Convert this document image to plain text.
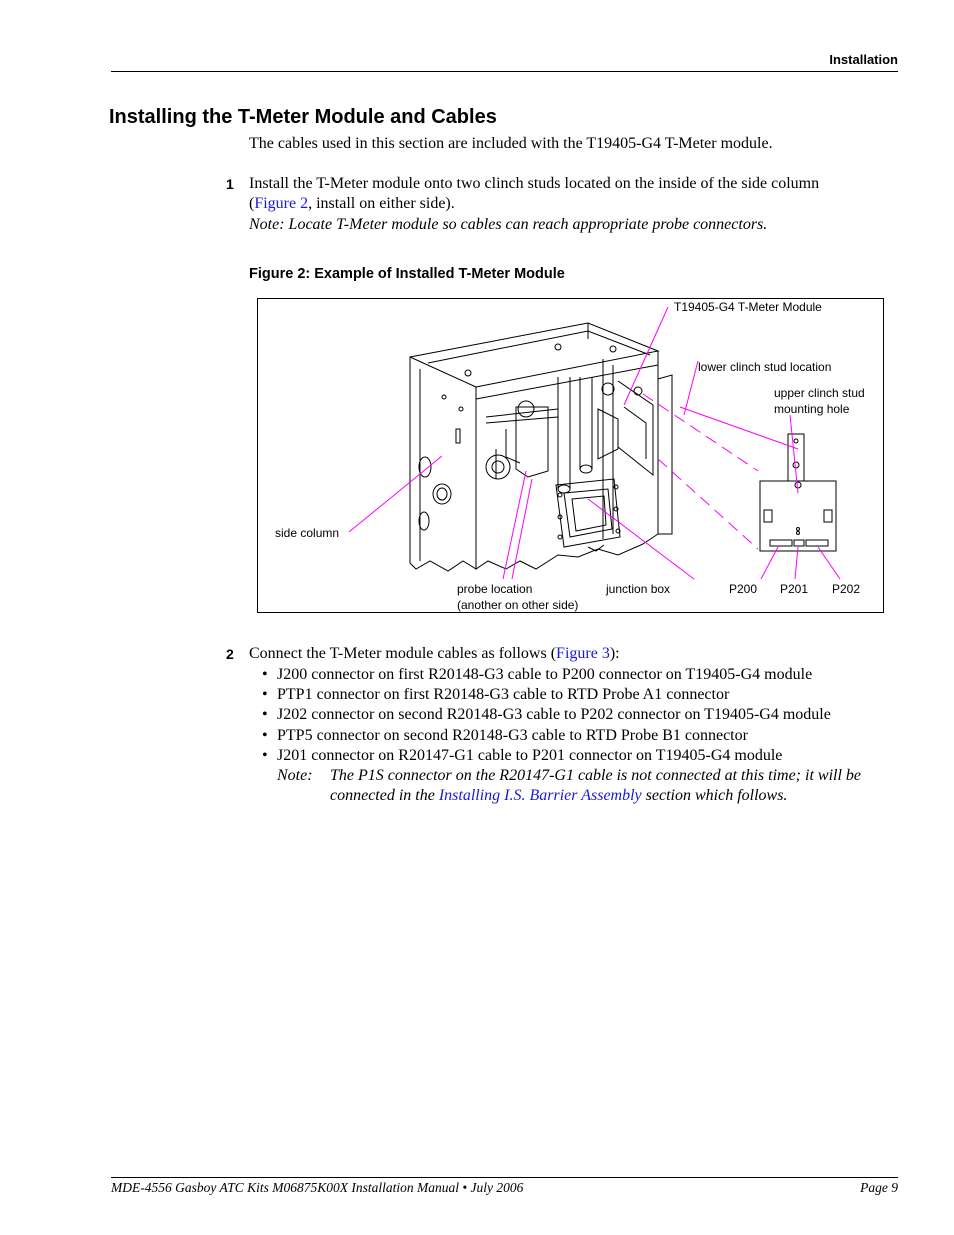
Installation
Installing the T-Meter Module and Cables
The cables used in this section are included with the T19405-G4 T-Meter module.
1 Install the T-Meter module onto two clinch studs located on the inside of the side column
(Figure 2, install on either side).
Note: Locate T-Meter module so cables can reach appropriate probe connectors.
Figure 2: Example of Installed T-Meter Module
T19405-G4 T-Meter Module
lower clinch stud location
upper clinch stud
mounting hole
side column
probe location
(another on other side)
junction box	P200 P201 P202
2 Connect the T-Meter module cables as follows (Figure 3):
• J200 connector on first R20148-G3 cable to P200 connector on T19405-G4 module
• PTP1 connector on first R20148-G3 cable to RTD Probe A1 connector
• J202 connector on second R20148-G3 cable to P202 connector on T19405-G4 module
• PTP5 connector on second R20148-G3 cable to RTD Probe B1 connector
• J201 connector on R20147-G1 cable to P201 connector on T19405-G4 module
Note: The P1S connector on the R20147-G1 cable is not connected at this time; it will be
connected in the Installing I.S. Barrier Assembly section which follows.
MDE-4556 Gasboy ATC Kits M06875K00X Installation Manual • July 2006	Page 9
